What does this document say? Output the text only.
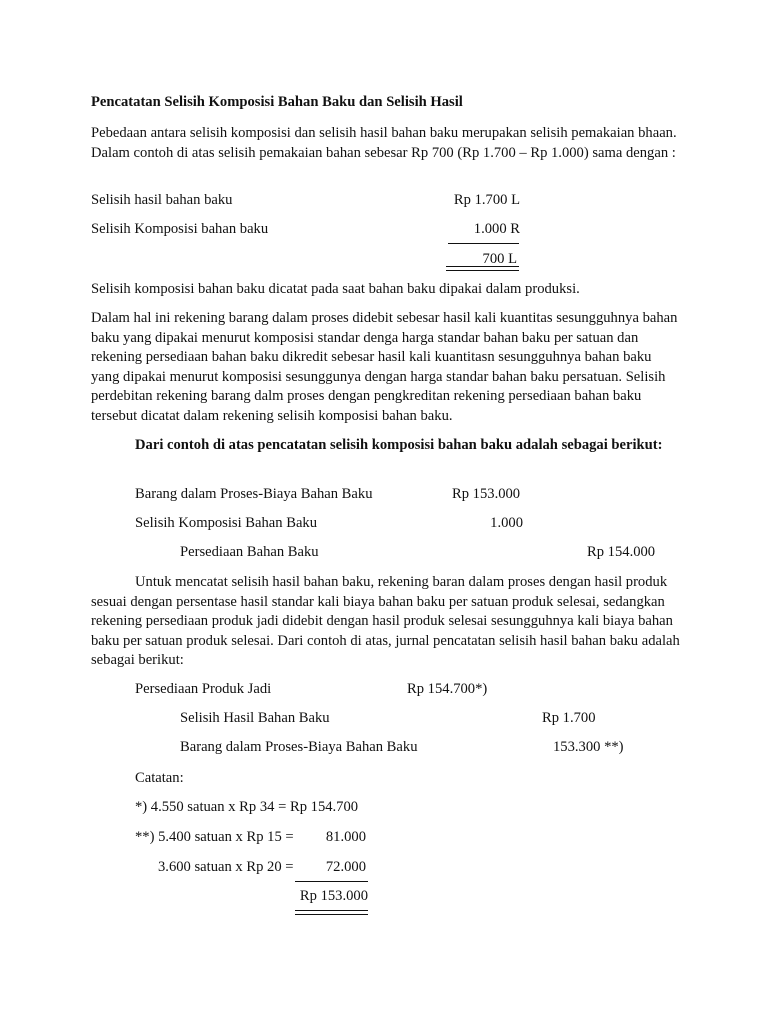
Pencatatan Selisih Komposisi Bahan Baku dan Selisih Hasil
Pebedaan antara selisih komposisi dan selisih hasil bahan baku merupakan selisih pemakaian bhaan. Dalam contoh di atas selisih pemakaian bahan sebesar Rp 700 (Rp 1.700 – Rp 1.000) sama dengan :
Selisih hasil bahan baku	Rp 1.700 L
Selisih Komposisi bahan baku	1.000 R
700 L
Selisih komposisi bahan baku dicatat pada saat bahan baku dipakai dalam produksi.
Dalam hal ini rekening barang dalam proses didebit sebesar hasil kali kuantitas sesungguhnya bahan baku yang dipakai menurut komposisi standar denga harga standar bahan baku per satuan dan rekening persediaan bahan baku dikredit sebesar hasil kali kuantitasn sesungguhnya bahan baku yang dipakai menurut komposisi sesunggunya dengan harga standar bahan baku persatuan. Selisih perdebitan rekening barang dalm proses dengan pengkreditan rekening persediaan bahan baku tersebut dicatat dalam rekening selisih komposisi bahan baku.
Dari contoh di atas pencatatan selisih komposisi bahan baku adalah sebagai berikut:
Barang dalam Proses-Biaya Bahan Baku	Rp 153.000
Selisih Komposisi Bahan Baku	1.000
Persediaan Bahan Baku	Rp 154.000
Untuk mencatat selisih hasil bahan baku, rekening baran dalam proses dengan hasil produk sesuai dengan persentase hasil standar kali biaya bahan baku per satuan produk selesai, sedangkan rekening persediaan produk jadi didebit dengan hasil produk selesai sesungguhnya kali biaya bahan baku per satuan produk selesai. Dari contoh di atas, jurnal pencatatan selisih hasil bahan baku adalah sebagai berikut:
Persediaan Produk Jadi	Rp 154.700*)
Selisih Hasil Bahan Baku	Rp 1.700
Barang dalam Proses-Biaya Bahan Baku	153.300 **)
Catatan:
*) 4.550 satuan x Rp 34 = Rp 154.700
**) 5.400 satuan x Rp 15 =	81.000
3.600 satuan x Rp 20 =	72.000
Rp 153.000
